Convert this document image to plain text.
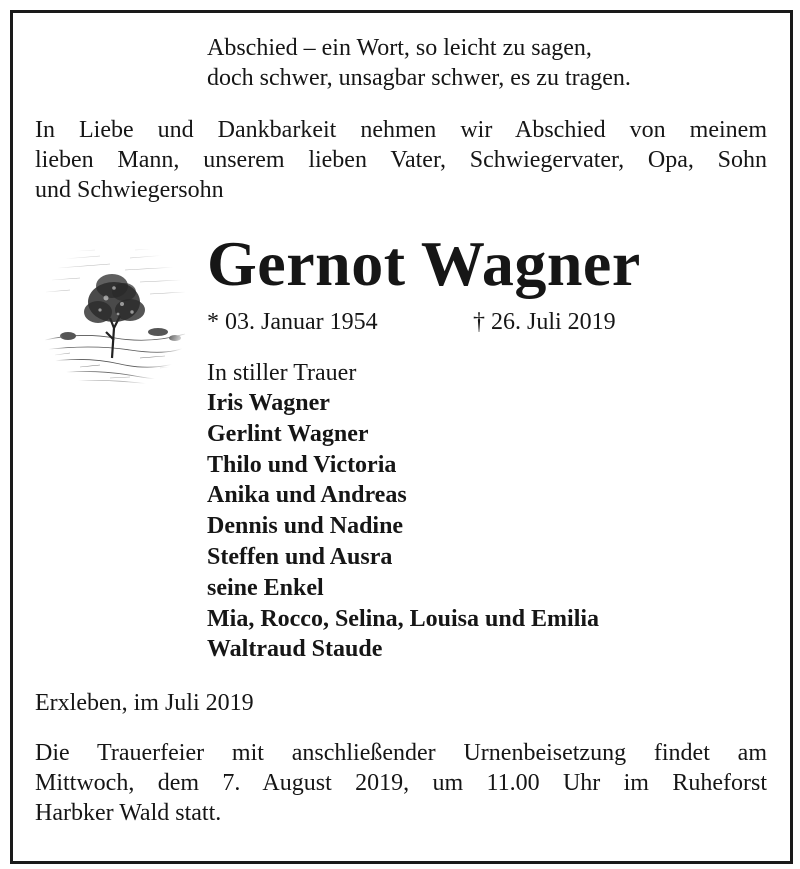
Abschied – ein Wort, so leicht zu sagen,
doch schwer, unsagbar schwer, es zu tragen.
In Liebe und Dankbarkeit nehmen wir Abschied von meinem
lieben Mann, unserem lieben Vater, Schwiegervater, Opa, Sohn
und Schwiegersohn
Gernot Wagner
* 03. Januar 1954	† 26. Juli 2019
In stiller Trauer
Iris Wagner
Gerlint Wagner
Thilo und Victoria
Anika und Andreas
Dennis und Nadine
Steffen und Ausra
seine Enkel
Mia, Rocco, Selina, Louisa und Emilia
Waltraud Staude
Erxleben, im Juli 2019
Die Trauerfeier mit anschließender Urnenbeisetzung findet am
Mittwoch, dem 7. August 2019, um 11.00 Uhr im Ruheforst
Harbker Wald statt.
